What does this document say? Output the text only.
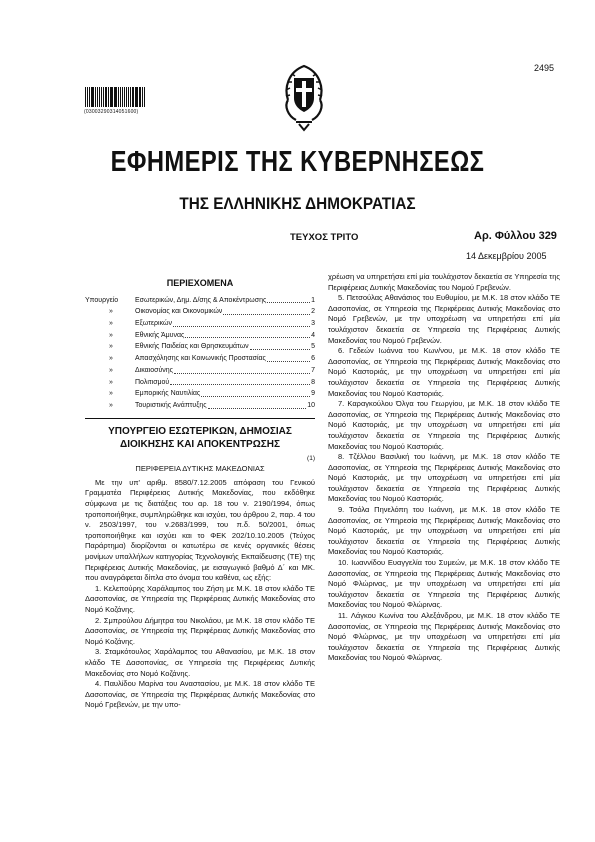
2495
(03003290314051600)
ΕΦΗΜΕΡΙΣ ΤΗΣ ΚΥΒΕΡΝΗΣΕΩΣ
ΤΗΣ ΕΛΛΗΝΙΚΗΣ ΔΗΜΟΚΡΑΤΙΑΣ
ΤΕΥΧΟΣ ΤΡΙΤΟ	Αρ. Φύλλου 329
14 Δεκεμβρίου 2005
ΠΕΡΙΕΧΟΜΕΝΑ
Υπουργείο	Εσωτερικών, Δημ. Δ/σης & Αποκέντρωσης	1
»	Οικονομίας και Οικονομικών	2
»	Εξωτερικών	3
»	Εθνικής Άμυνας	4
»	Εθνικής Παιδείας και Θρησκευμάτων	5
»	Απασχόλησης και Κοινωνικής Προστασίας	6
»	Δικαιοσύνης	7
»	Πολιτισμού	8
»	Εμπορικής Ναυτιλίας	9
»	Τουριστικής Ανάπτυξης	10
ΥΠΟΥΡΓΕΙΟ ΕΣΩΤΕΡΙΚΩΝ, ΔΗΜΟΣΙΑΣ
ΔΙΟΙΚΗΣΗΣ ΚΑΙ ΑΠΟΚΕΝΤΡΩΣΗΣ
(1)
ΠΕΡΙΦΕΡΕΙΑ ΔΥΤΙΚΗΣ ΜΑΚΕΔΟΝΙΑΣ

Με την υπ' αριθμ. 8580/7.12.2005 απόφαση του Γενικού Γραμματέα Περιφέρειας Δυτικής Μακεδονίας, που εκδόθηκε σύμφωνα με τις διατάξεις του αρ. 18 του ν. 2190/1994, όπως τροποποιήθηκε, συμπληρώθηκε και ισχύει, του άρθρου 2, παρ. 4 του ν. 2503/1997, του ν.2683/1999, του π.δ. 50/2001, όπως τροποποιήθηκε και ισχύει και το ΦΕΚ 202/10.10.2005 (Τεύχος Παράρτημα) διορίζονται οι κατωτέρω σε κενές οργανικές θέσεις μονίμων υπαλλήλων κατηγορίας Τεχνολογικής Εκπαίδευσης (ΤΕ) της Περιφέρειας Δυτικής Μακεδονίας, με εισαγωγικό βαθμό Δ΄ και ΜΚ. που αναγράφεται δίπλα στο όνομα του καθένα, ως εξής:

1. Κελεπούρης Χαράλαμπος του Ζήση με Μ.Κ. 18 στον κλάδο ΤΕ Δασοπονίας, σε Υπηρεσία της Περιφέρειας Δυτικής Μακεδονίας στο Νομό Κοζάνης.

2. Σμπρούλου Δήμητρα του Νικολάου, με Μ.Κ. 18 στον κλάδο ΤΕ Δασοπονίας, σε Υπηρεσία της Περιφέρειας Δυτικής Μακεδονίας στο Νομό Κοζάνης.

3. Σταμκότουλος Χαράλαμπος του Αθανασίου, με Μ.Κ. 18 στον κλάδο ΤΕ Δασοπονίας, σε Υπηρεσία της Περιφέρειας Δυτικής Μακεδονίας στο Νομό Κοζάνης.

4. Παυλίδου Μαρίνα του Αναστασίου, με Μ.Κ. 18 στον κλάδο ΤΕ Δασοπονίας, σε Υπηρεσία της Περιφέρειας Δυτικής Μακεδονίας στο Νομό Γρεβενών, με την υπο-

χρέωση να υπηρετήσει επί μία τουλάχιστον δεκαετία σε Υπηρεσία της Περιφέρειας Δυτικής Μακεδονίας του Νομού Γρεβενών.

5. Πετσούλας Αθανάσιος του Ευθυμίου, με Μ.Κ. 18 στον κλάδο ΤΕ Δασοπονίας, σε Υπηρεσία της Περιφέρειας Δυτικής Μακεδονίας στο Νομό Γρεβενών, με την υποχρέωση να υπηρετήσει επί μία τουλάχιστον δεκαετία σε Υπηρεσία της Περιφέρειας Δυτικής Μακεδονίας του Νομού Γρεβενών.

6. Γεδεών Ιωάννα του Κων/νου, με Μ.Κ. 18 στον κλάδο ΤΕ Δασοπονίας, σε Υπηρεσία της Περιφέρειας Δυτικής Μακεδονίας στο Νομό Καστοριάς, με την υποχρέωση να υπηρετήσει επί μία τουλάχιστον δεκαετία σε Υπηρεσία της Περιφέρειας Δυτικής Μακεδονίας του Νομού Καστοριάς.

7. Καραγκούλου Όλγα του Γεωργίου, με Μ.Κ. 18 στον κλάδο ΤΕ Δασοπονίας, σε Υπηρεσία της Περιφέρειας Δυτικής Μακεδονίας στο Νομό Καστοριάς, με την υποχρέωση να υπηρετήσει επί μία τουλάχιστον δεκαετία σε Υπηρεσία της Περιφέρειας Δυτικής Μακεδονίας του Νομού Καστοριάς.

8. Τζέλλου Βασιλική του Ιωάννη, με Μ.Κ. 18 στον κλάδο ΤΕ Δασοπονίας, σε Υπηρεσία της Περιφέρειας Δυτικής Μακεδονίας στο Νομό Καστοριάς, με την υποχρέωση να υπηρετήσει επί μία τουλάχιστον δεκαετία σε Υπηρεσία της Περιφέρειας Δυτικής Μακεδονίας του Νομού Καστοριάς.

9. Τσόλα Πηνελόπη του Ιωάννη, με Μ.Κ. 18 στον κλάδο ΤΕ Δασοπονίας, σε Υπηρεσία της Περιφέρειας Δυτικής Μακεδονίας στο Νομό Καστοριάς, με την υποχρέωση να υπηρετήσει επί μία τουλάχιστον δεκαετία σε Υπηρεσία της Περιφέρειας Δυτικής Μακεδονίας του Νομού Καστοριάς.

10. Ιωαννίδου Ευαγγελία του Συμεών, με Μ.Κ. 18 στον κλάδο ΤΕ Δασοπονίας, σε Υπηρεσία της Περιφέρειας Δυτικής Μακεδονίας στο Νομό Φλώρινας, με την υποχρέωση να υπηρετήσει επί μία τουλάχιστον δεκαετία σε Υπηρεσία της Περιφέρειας Δυτικής Μακεδονίας του Νομού Φλώρινας.

11. Λάγκου Κωνίνα του Αλεξάνδρου, με Μ.Κ. 18 στον κλάδο ΤΕ Δασοπονίας, σε Υπηρεσία της Περιφέρειας Δυτικής Μακεδονίας στο Νομό Φλώρινας, με την υποχρέωση να υπηρετήσει επί μία τουλάχιστον δεκαετία σε Υπηρεσία της Περιφέρειας Δυτικής Μακεδονίας του Νομού Φλώρινας.
